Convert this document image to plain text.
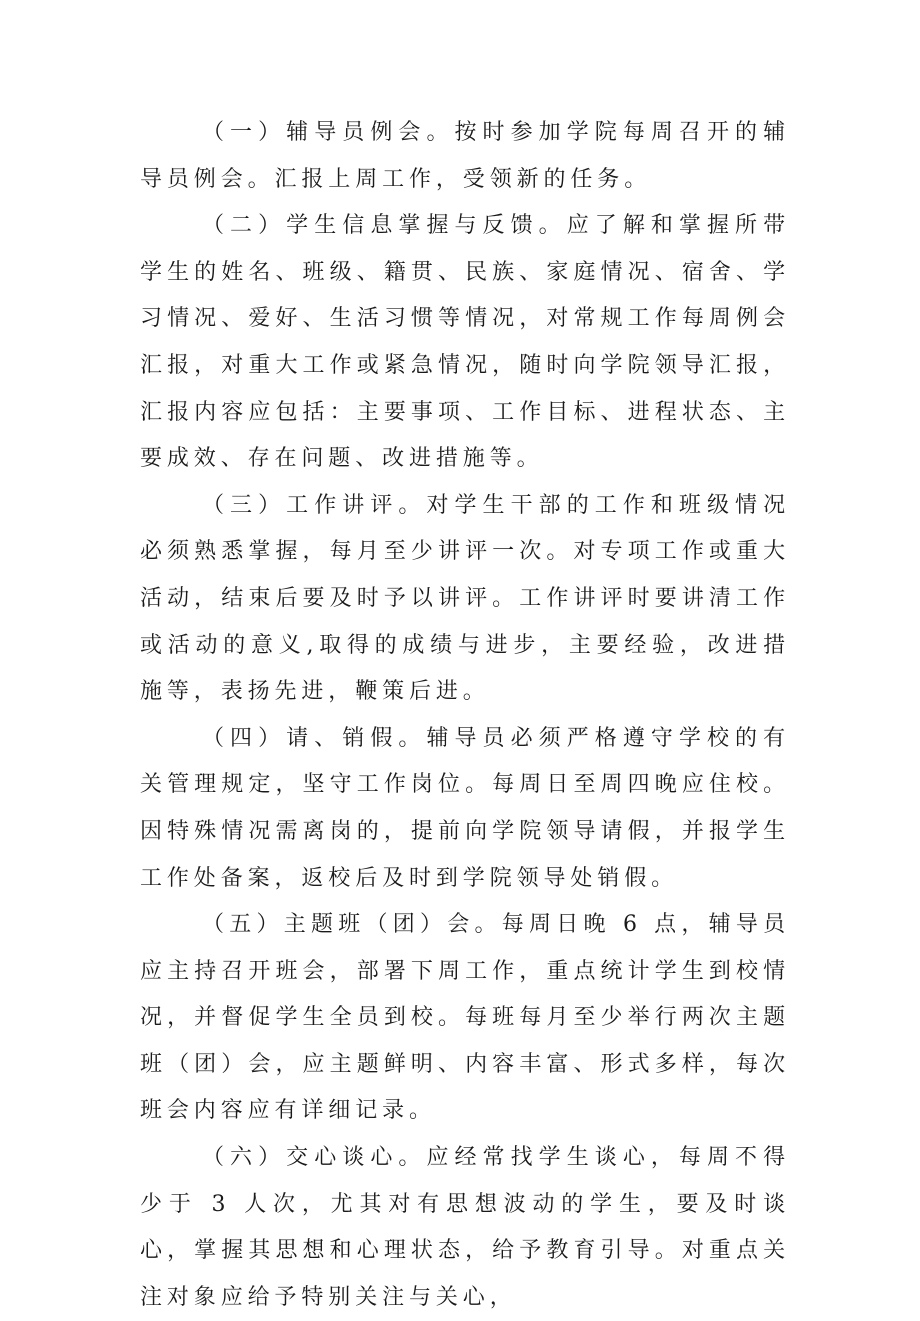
（一）辅导员例会。按时参加学院每周召开的辅导员例会。汇报上周工作，受领新的任务。

（二）学生信息掌握与反馈。应了解和掌握所带学生的姓名、班级、籍贯、民族、家庭情况、宿舍、学习情况、爱好、生活习惯等情况，对常规工作每周例会汇报，对重大工作或紧急情况，随时向学院领导汇报，汇报内容应包括：主要事项、工作目标、进程状态、主要成效、存在问题、改进措施等。

（三）工作讲评。对学生干部的工作和班级情况必须熟悉掌握，每月至少讲评一次。对专项工作或重大活动，结束后要及时予以讲评。工作讲评时要讲清工作或活动的意义,取得的成绩与进步，主要经验，改进措施等，表扬先进，鞭策后进。

（四）请、销假。辅导员必须严格遵守学校的有关管理规定，坚守工作岗位。每周日至周四晚应住校。因特殊情况需离岗的，提前向学院领导请假，并报学生工作处备案，返校后及时到学院领导处销假。

（五）主题班（团）会。每周日晚 6 点，辅导员应主持召开班会，部署下周工作，重点统计学生到校情况，并督促学生全员到校。每班每月至少举行两次主题班（团）会，应主题鲜明、内容丰富、形式多样，每次班会内容应有详细记录。

（六）交心谈心。应经常找学生谈心，每周不得少于 3 人次，尤其对有思想波动的学生，要及时谈心，掌握其思想和心理状态，给予教育引导。对重点关注对象应给予特别关注与关心，
